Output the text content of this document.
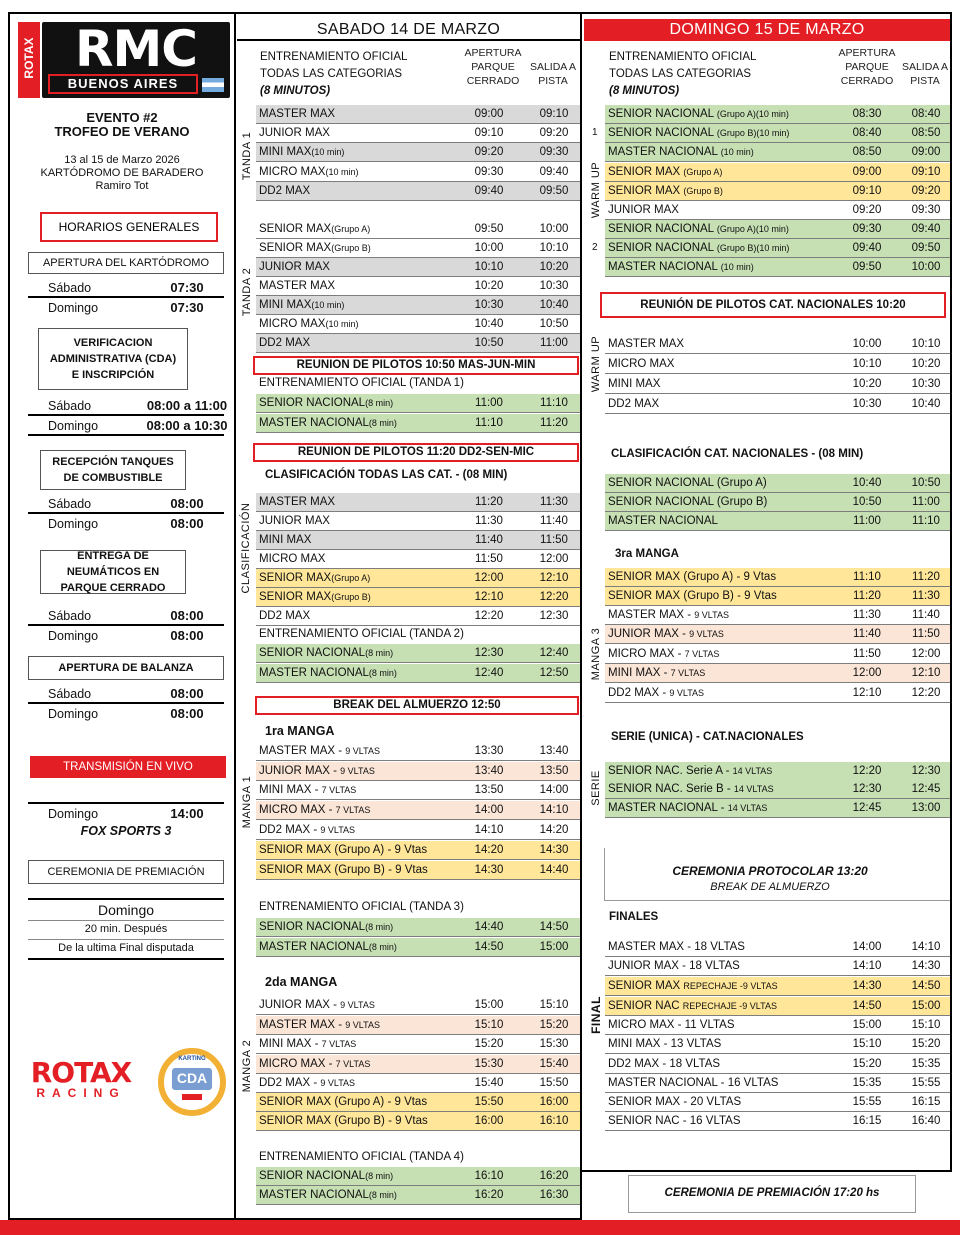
ROTAX RMC
BUENOS AIRES
EVENTO #2
TROFEO DE VERANO
13 al 15 de Marzo 2026
KARTÓDROMO DE BARADERO
Ramiro Tot
HORARIOS GENERALES
APERTURA DEL KARTÓDROMO
Sábado	07:30
Domingo	07:30
VERIFICACION ADMINISTRATIVA (CDA) E INSCRIPCIÓN
Sábado	08:00 a 11:00
Domingo	08:00 a 10:30
RECEPCIÓN TANQUES DE COMBUSTIBLE
Sábado	08:00
Domingo	08:00
ENTREGA DE NEUMÁTICOS EN PARQUE CERRADO
Sábado	08:00
Domingo	08:00
APERTURA DE BALANZA
Sábado	08:00
Domingo	08:00
TRANSMISIÓN EN VIVO
Domingo	14:00
FOX SPORTS 3
CEREMONIA DE PREMIACIÓN
Domingo
20 min. Después
De la ultima Final disputada
ROTAX
RACING
KARTING
CDA
SABADO 14 DE MARZO
ENTRENAMIENTO OFICIAL
TODAS LAS CATEGORIAS
(8 MINUTOS)
APERTURA PARQUE CERRADO
SALIDA A PISTA
TANDA 1
TANDA 2
CLASIFICACIÓN
MANGA 1
MANGA 2
REUNION DE PILOTOS 10:50 MAS-JUN-MIN
ENTRENAMIENTO OFICIAL (TANDA 1)
REUNION DE PILOTOS 11:20 DD2-SEN-MIC
CLASIFICACIÓN TODAS LAS CAT. - (08 MIN)
ENTRENAMIENTO OFICIAL (TANDA 2)
BREAK DEL ALMUERZO 12:50
1ra MANGA
ENTRENAMIENTO OFICIAL (TANDA 3)
2da MANGA
ENTRENAMIENTO OFICIAL (TANDA 4)
MASTER MAX	09:00	09:10
JUNIOR MAX	09:10	09:20
MINI MAX(10 min)	09:20	09:30
MICRO MAX(10 min)	09:30	09:40
DD2 MAX	09:40	09:50
SENIOR MAX(Grupo A)	09:50	10:00
SENIOR MAX(Grupo B)	10:00	10:10
JUNIOR MAX	10:10	10:20
MASTER MAX	10:20	10:30
MINI MAX(10 min)	10:30	10:40
MICRO MAX(10 min)	10:40	10:50
DD2 MAX	10:50	11:00
SENIOR NACIONAL(8 min)	11:00	11:10
MASTER NACIONAL(8 min)	11:10	11:20
MASTER MAX	11:20	11:30
JUNIOR MAX	11:30	11:40
MINI MAX	11:40	11:50
MICRO MAX	11:50	12:00
SENIOR MAX(Grupo A)	12:00	12:10
SENIOR MAX(Grupo B)	12:10	12:20
DD2 MAX	12:20	12:30
SENIOR NACIONAL(8 min)	12:30	12:40
MASTER NACIONAL(8 min)	12:40	12:50
MASTER MAX - 9 VLTAS	13:30	13:40
JUNIOR MAX - 9 VLTAS	13:40	13:50
MINI MAX - 7 VLTAS	13:50	14:00
MICRO MAX - 7 VLTAS	14:00	14:10
DD2 MAX - 9 VLTAS	14:10	14:20
SENIOR MAX (Grupo A) - 9 Vtas	14:20	14:30
SENIOR MAX (Grupo B) - 9 Vtas	14:30	14:40
SENIOR NACIONAL(8 min)	14:40	14:50
MASTER NACIONAL(8 min)	14:50	15:00
JUNIOR MAX - 9 VLTAS	15:00	15:10
MASTER MAX - 9 VLTAS	15:10	15:20
MINI MAX - 7 VLTAS	15:20	15:30
MICRO MAX - 7 VLTAS	15:30	15:40
DD2 MAX - 9 VLTAS	15:40	15:50
SENIOR MAX (Grupo A) - 9 Vtas	15:50	16:00
SENIOR MAX (Grupo B) - 9 Vtas	16:00	16:10
SENIOR NACIONAL(8 min)	16:10	16:20
MASTER NACIONAL(8 min)	16:20	16:30
DOMINGO 15 DE MARZO
ENTRENAMIENTO OFICIAL
TODAS LAS CATEGORIAS
(8 MINUTOS)
APERTURA PARQUE CERRADO
SALIDA A PISTA
1
2
WARM UP
WARM UP
MANGA 3
SERIE
FINAL
REUNIÓN DE PILOTOS CAT. NACIONALES 10:20
CLASIFICACIÓN CAT. NACIONALES - (08 MIN)
3ra MANGA
SERIE (UNICA) - CAT.NACIONALES
CEREMONIA PROTOCOLAR 13:20
BREAK DE ALMUERZO
FINALES
SENIOR NACIONAL (Grupo A)(10 min)	08:30	08:40
SENIOR NACIONAL (Grupo B)(10 min)	08:40	08:50
MASTER NACIONAL (10 min)	08:50	09:00
SENIOR MAX (Grupo A)	09:00	09:10
SENIOR MAX (Grupo B)	09:10	09:20
JUNIOR MAX	09:20	09:30
SENIOR NACIONAL (Grupo A)(10 min)	09:30	09:40
SENIOR NACIONAL (Grupo B)(10 min)	09:40	09:50
MASTER NACIONAL (10 min)	09:50	10:00
MASTER MAX	10:00	10:10
MICRO MAX	10:10	10:20
MINI MAX	10:20	10:30
DD2 MAX	10:30	10:40
SENIOR NACIONAL (Grupo A)	10:40	10:50
SENIOR NACIONAL (Grupo B)	10:50	11:00
MASTER NACIONAL	11:00	11:10
SENIOR MAX (Grupo A) - 9 Vtas	11:10	11:20
SENIOR MAX (Grupo B) - 9 Vtas	11:20	11:30
MASTER MAX - 9 VLTAS	11:30	11:40
JUNIOR MAX - 9 VLTAS	11:40	11:50
MICRO MAX - 7 VLTAS	11:50	12:00
MINI MAX - 7 VLTAS	12:00	12:10
DD2 MAX - 9 VLTAS	12:10	12:20
SENIOR NAC. Serie A - 14 VLTAS	12:20	12:30
SENIOR NAC. Serie B - 14 VLTAS	12:30	12:45
MASTER NACIONAL - 14 VLTAS	12:45	13:00
MASTER MAX - 18 VLTAS	14:00	14:10
JUNIOR MAX - 18 VLTAS	14:10	14:30
SENIOR MAX REPECHAJE -9 VLTAS	14:30	14:50
SENIOR NAC REPECHAJE -9 VLTAS	14:50	15:00
MICRO MAX - 11 VLTAS	15:00	15:10
MINI MAX - 13 VLTAS	15:10	15:20
DD2 MAX - 18 VLTAS	15:20	15:35
MASTER NACIONAL - 16 VLTAS	15:35	15:55
SENIOR MAX - 20 VLTAS	15:55	16:15
SENIOR NAC - 16 VLTAS	16:15	16:40
CEREMONIA DE PREMIACIÓN 17:20 hs
